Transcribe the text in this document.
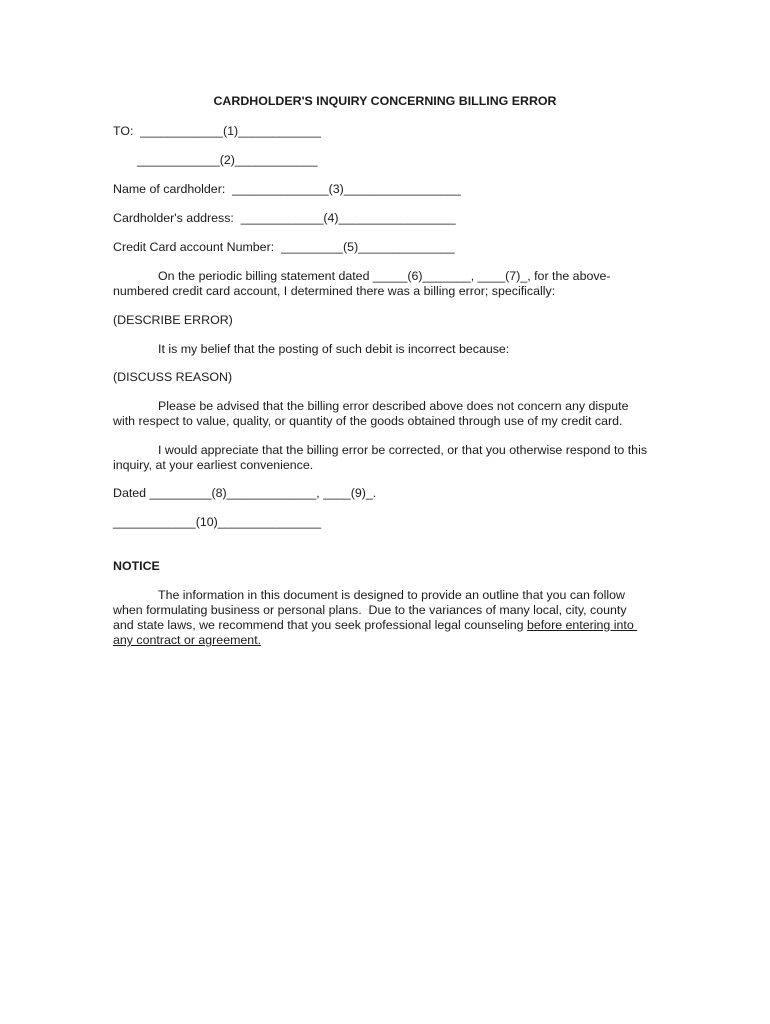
CARDHOLDER'S INQUIRY CONCERNING BILLING ERROR

TO:  ____________(1)____________

____________(2)____________

Name of cardholder:  ______________(3)_________________

Cardholder's address:  ____________(4)_________________

Credit Card account Number:  _________(5)______________

On the periodic billing statement dated _____(6)_______, ____(7)_, for the above-

numbered credit card account, I determined there was a billing error; specifically:

(DESCRIBE ERROR)

It is my belief that the posting of such debit is incorrect because:

(DISCUSS REASON)

Please be advised that the billing error described above does not concern any dispute

with respect to value, quality, or quantity of the goods obtained through use of my credit card.

I would appreciate that the billing error be corrected, or that you otherwise respond to this

inquiry, at your earliest convenience.

Dated _________(8)_____________, ____(9)_.

____________(10)_______________

NOTICE

The information in this document is designed to provide an outline that you can follow

when formulating business or personal plans.  Due to the variances of many local, city, county

and state laws, we recommend that you seek professional legal counseling before entering into

any contract or agreement.
